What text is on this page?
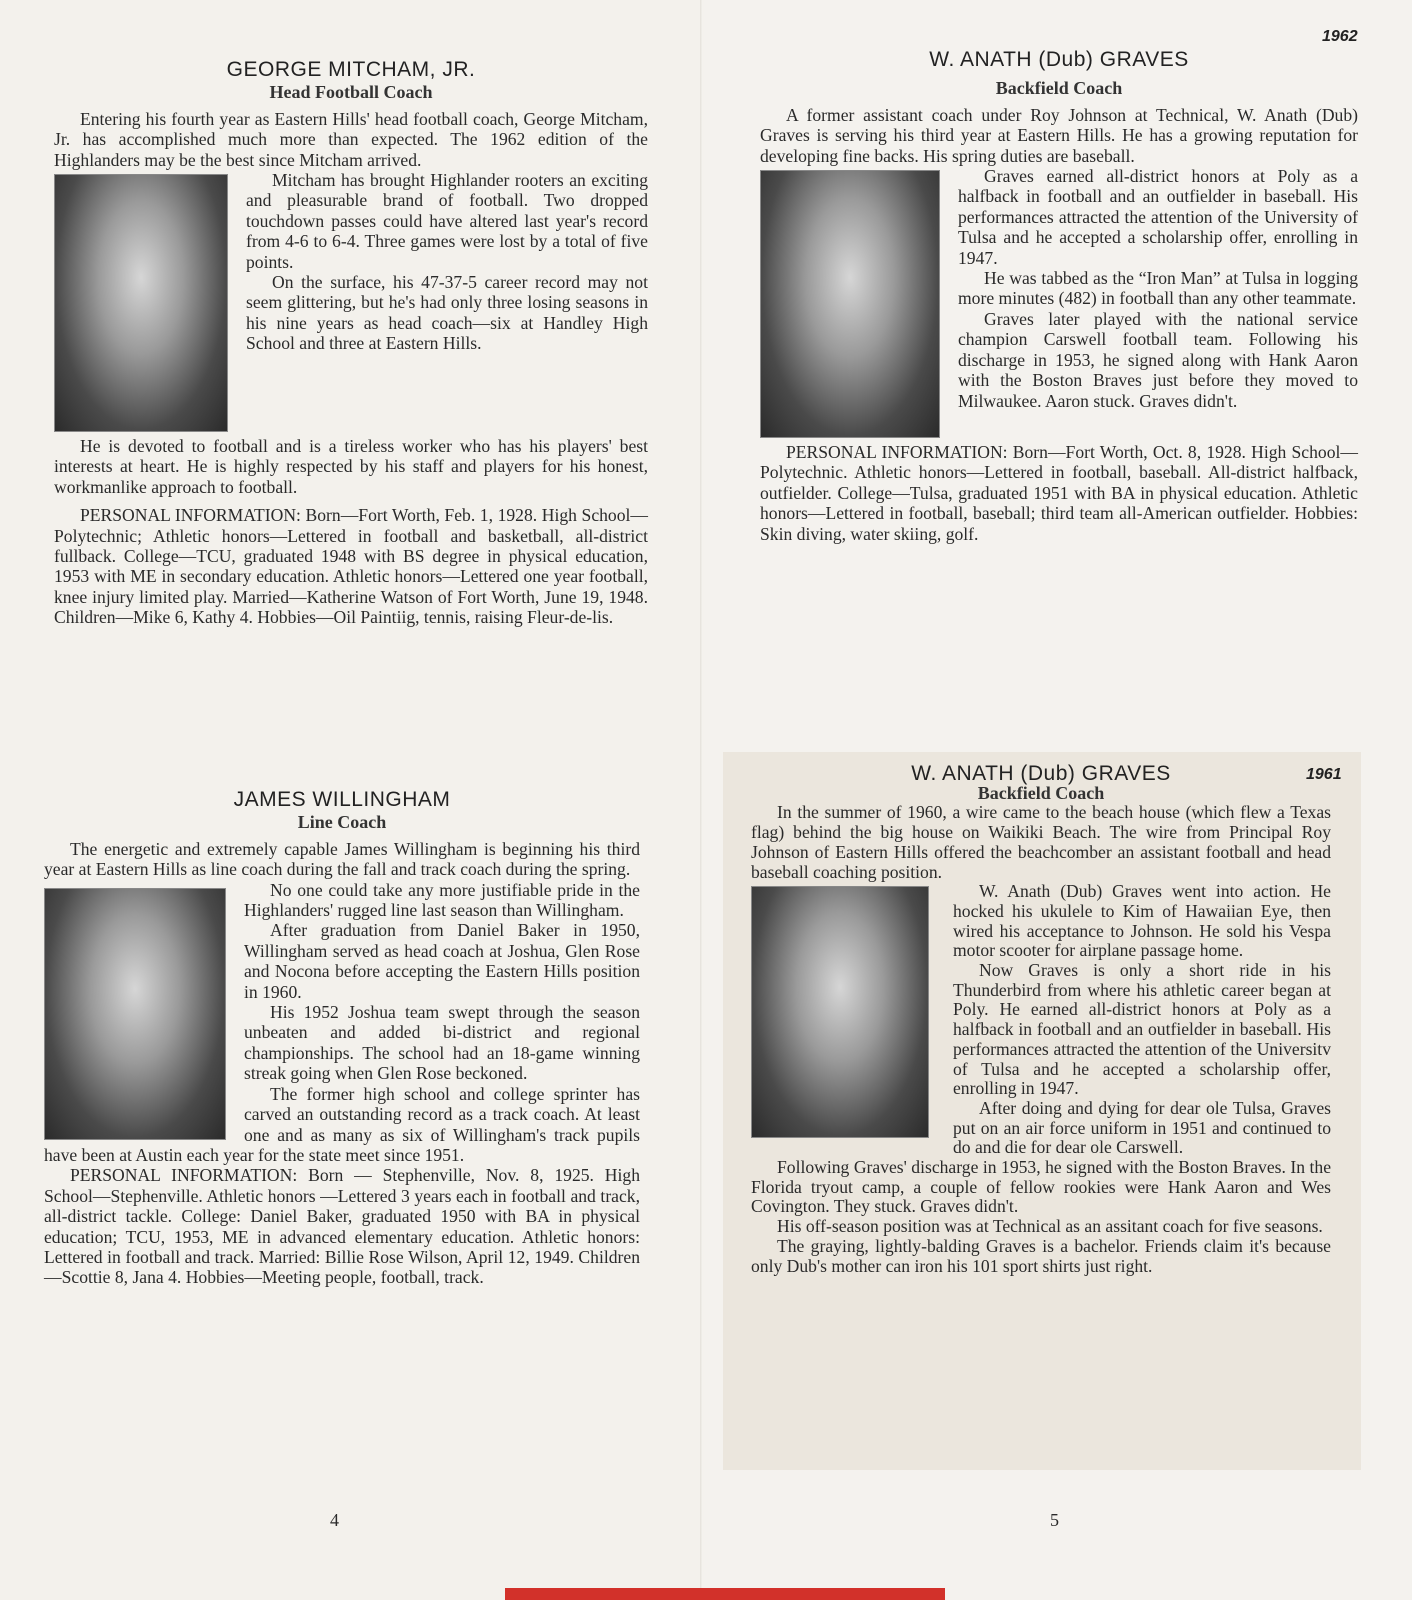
GEORGE MITCHAM, JR.
Head Football Coach

Entering his fourth year as Eastern Hills' head football coach, George Mitcham, Jr. has accomplished much more than expected. The 1962 edition of the Highlanders may be the best since Mitcham arrived.

Mitcham has brought Highlander rooters an exciting and pleasurable brand of football. Two dropped touchdown passes could have altered last year's record from 4-6 to 6-4. Three games were lost by a total of five points.

On the surface, his 47-37-5 career record may not seem glittering, but he's had only three losing seasons in his nine years as head coach—six at Handley High School and three at Eastern Hills.

He is devoted to football and is a tireless worker who has his players' best interests at heart. He is highly respected by his staff and players for his honest, workmanlike approach to football.

PERSONAL INFORMATION: Born—Fort Worth, Feb. 1, 1928. High School—Polytechnic; Athletic honors—Lettered in football and basketball, all-district fullback. College—TCU, graduated 1948 with BS degree in physical education, 1953 with ME in secondary education. Athletic honors—Lettered one year football, knee injury limited play. Married—Katherine Watson of Fort Worth, June 19, 1948. Children—Mike 6, Kathy 4. Hobbies—Oil Paintiig, tennis, raising Fleur-de-lis.

JAMES WILLINGHAM
Line Coach

The energetic and extremely capable James Willingham is beginning his third year at Eastern Hills as line coach during the fall and track coach during the spring.

No one could take any more justifiable pride in the Highlanders' rugged line last season than Willingham.

After graduation from Daniel Baker in 1950, Willingham served as head coach at Joshua, Glen Rose and Nocona before accepting the Eastern Hills position in 1960.

His 1952 Joshua team swept through the season unbeaten and added bi-district and regional championships. The school had an 18-game winning streak going when Glen Rose beckoned.

The former high school and college sprinter has carved an outstanding record as a track coach. At least one and as many as six of Willingham's track pupils have been at Austin each year for the state meet since 1951.

PERSONAL INFORMATION: Born — Stephenville, Nov. 8, 1925. High School—Stephenville. Athletic honors —Lettered 3 years each in football and track, all-district tackle. College: Daniel Baker, graduated 1950 with BA in physical education; TCU, 1953, ME in advanced elementary education. Athletic honors: Lettered in football and track. Married: Billie Rose Wilson, April 12, 1949. Children—Scottie 8, Jana 4. Hobbies—Meeting people, football, track.

4
1962
W. ANATH (Dub) GRAVES
Backfield Coach

A former assistant coach under Roy Johnson at Technical, W. Anath (Dub) Graves is serving his third year at Eastern Hills. He has a growing reputation for developing fine backs. His spring duties are baseball.

Graves earned all-district honors at Poly as a halfback in football and an outfielder in baseball. His performances attracted the attention of the University of Tulsa and he accepted a scholarship offer, enrolling in 1947.

He was tabbed as the “Iron Man” at Tulsa in logging more minutes (482) in football than any other teammate.

Graves later played with the national service champion Carswell football team. Following his discharge in 1953, he signed along with Hank Aaron with the Boston Braves just before they moved to Milwaukee. Aaron stuck. Graves didn't.

PERSONAL INFORMATION: Born—Fort Worth, Oct. 8, 1928. High School—Polytechnic. Athletic honors—Lettered in football, baseball. All-district halfback, outfielder. College—Tulsa, graduated 1951 with BA in physical education. Athletic honors—Lettered in football, baseball; third team all-American outfielder. Hobbies: Skin diving, water skiing, golf.

5
1961
W. ANATH (Dub) GRAVES
Backfield Coach

In the summer of 1960, a wire came to the beach house (which flew a Texas flag) behind the big house on Waikiki Beach. The wire from Principal Roy Johnson of Eastern Hills offered the beachcomber an assistant football and head baseball coaching position.

W. Anath (Dub) Graves went into action. He hocked his ukulele to Kim of Hawaiian Eye, then wired his acceptance to Johnson. He sold his Vespa motor scooter for airplane passage home.

Now Graves is only a short ride in his Thunderbird from where his athletic career began at Poly. He earned all-district honors at Poly as a halfback in football and an outfielder in baseball. His performances attracted the attention of the Universitv of Tulsa and he accepted a scholarship offer, enrolling in 1947.

After doing and dying for dear ole Tulsa, Graves put on an air force uniform in 1951 and continued to do and die for dear ole Carswell.

Following Graves' discharge in 1953, he signed with the Boston Braves. In the Florida tryout camp, a couple of fellow rookies were Hank Aaron and Wes Covington. They stuck. Graves didn't.

His off-season position was at Technical as an assitant coach for five seasons.

The graying, lightly-balding Graves is a bachelor. Friends claim it's because only Dub's mother can iron his 101 sport shirts just right.
